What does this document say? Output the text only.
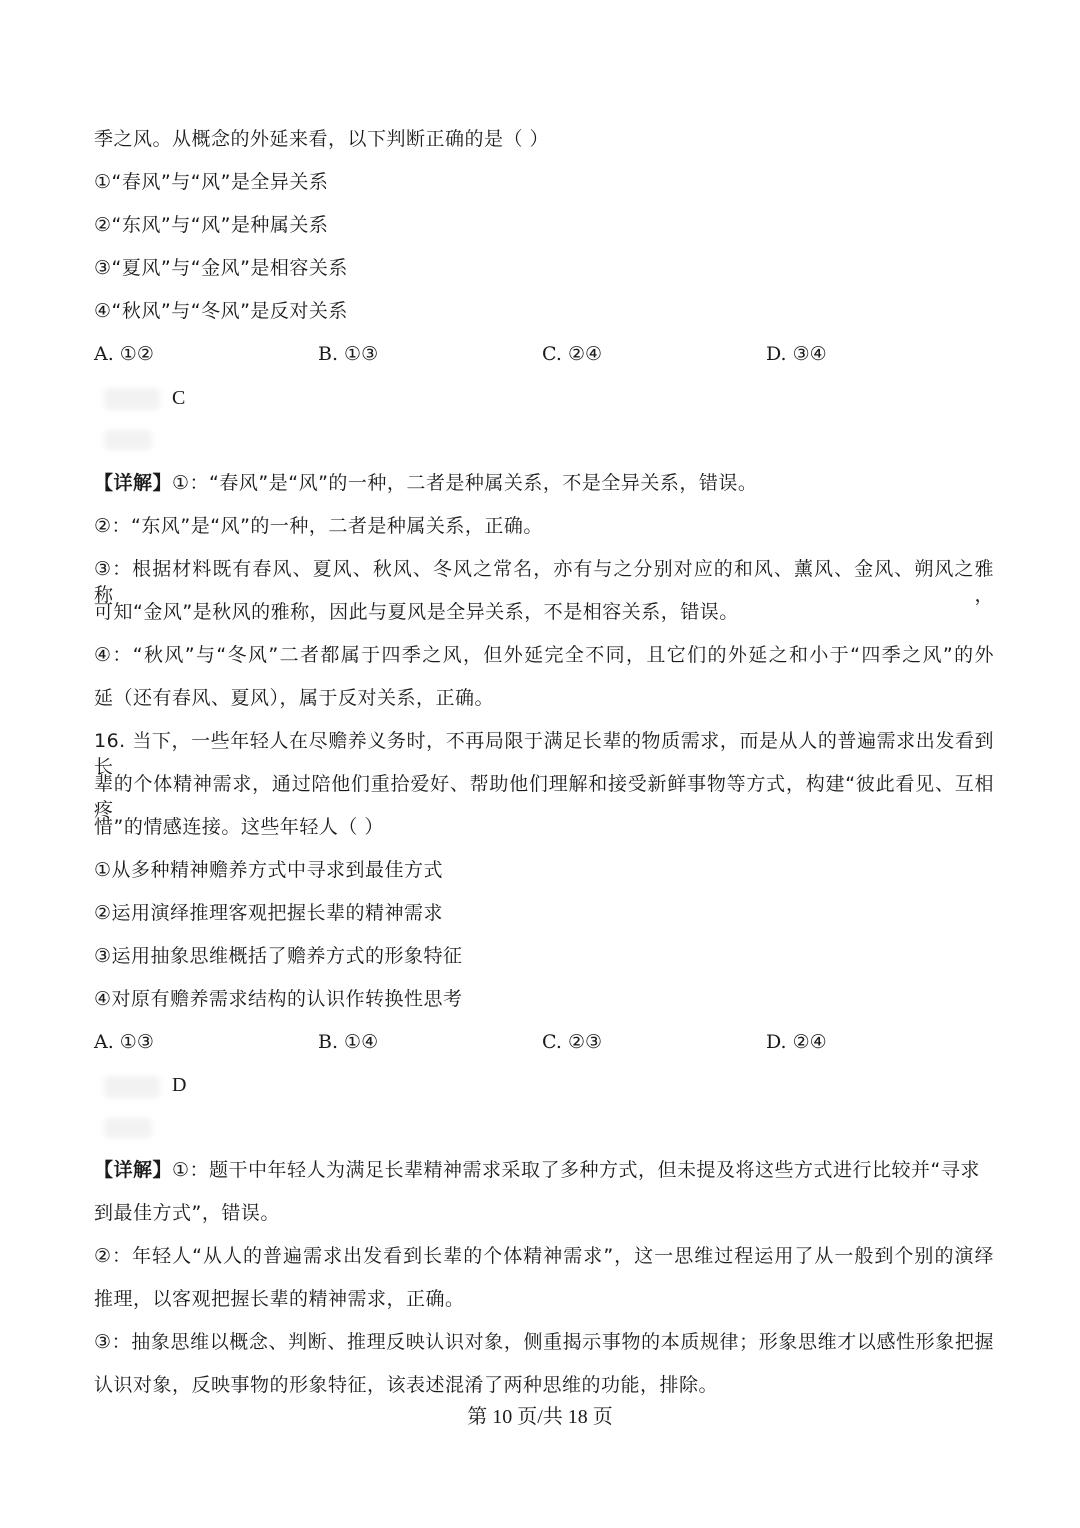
季之风。从概念的外延来看，以下判断正确的是（ ）
①“春风”与“风”是全异关系
②“东风”与“风”是种属关系
③“夏风”与“金风”是相容关系
④“秋风”与“冬风”是反对关系
A. ①②	B. ①③	C. ②④	D. ③④
C
【详解】①：“春风”是“风”的一种，二者是种属关系，不是全异关系，错误。
②：“东风”是“风”的一种，二者是种属关系，正确。
③：根据材料既有春风、夏风、秋风、冬风之常名，亦有与之分别对应的和风、薰风、金风、朔风之雅称，
可知“金风”是秋风的雅称，因此与夏风是全异关系，不是相容关系，错误。
④：“秋风”与“冬风”二者都属于四季之风，但外延完全不同，且它们的外延之和小于“四季之风”的外
延（还有春风、夏风），属于反对关系，正确。
16. 当下，一些年轻人在尽赡养义务时，不再局限于满足长辈的物质需求，而是从人的普遍需求出发看到长
辈的个体精神需求，通过陪他们重拾爱好、帮助他们理解和接受新鲜事物等方式，构建“彼此看见、互相疼
惜”的情感连接。这些年轻人（ ）
①从多种精神赡养方式中寻求到最佳方式
②运用演绎推理客观把握长辈的精神需求
③运用抽象思维概括了赡养方式的形象特征
④对原有赡养需求结构的认识作转换性思考
A. ①③	B. ①④	C. ②③	D. ②④
D
【详解】①：题干中年轻人为满足长辈精神需求采取了多种方式，但未提及将这些方式进行比较并“寻求
到最佳方式”，错误。
②：年轻人“从人的普遍需求出发看到长辈的个体精神需求”，这一思维过程运用了从一般到个别的演绎
推理，以客观把握长辈的精神需求，正确。
③：抽象思维以概念、判断、推理反映认识对象，侧重揭示事物的本质规律；形象思维才以感性形象把握
认识对象，反映事物的形象特征，该表述混淆了两种思维的功能，排除。
第 10 页/共 18 页
